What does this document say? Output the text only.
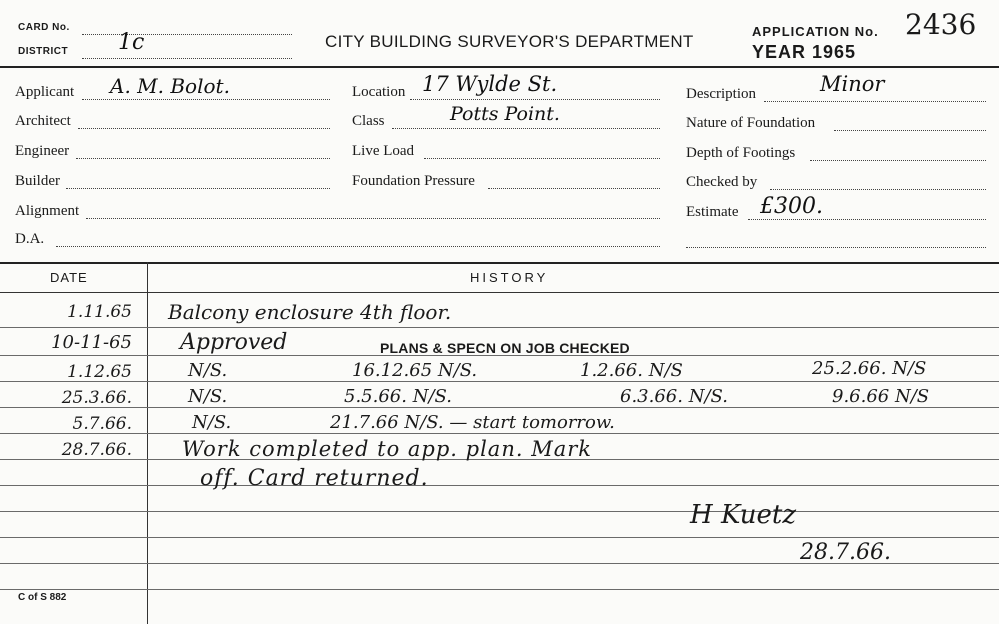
CARD No.
DISTRICT 1c	CITY BUILDING SURVEYOR'S DEPARTMENT
APPLICATION No. 2436
YEAR 1965
Applicant A. M. Bolot.
Architect
Engineer
Builder
Alignment
D.A.
Location 17 Wylde St.
Class	Potts Point.
Live Load
Foundation Pressure
Description	Minor
Nature of Foundation
Depth of Footings
Checked by
Estimate £300.
DATE	HISTORY
1.11.65 Balcony enclosure 4th floor.
10-11-65 Approved	PLANS & SPECN ON JOB CHECKED
1.12.65	N/S.	16.12.65 N/S.	1.2.66. N/S	25.2.66. N/S
25.3.66.	N/S.	5.5.66. N/S.	6.3.66. N/S.	9.6.66 N/S
5.7.66.	N/S.	21.7.66 N/S. — start tomorrow.
28.7.66. Work completed to app. plan. Mark
off. Card returned.
H Kuetz
28.7.66.
C of S 882
